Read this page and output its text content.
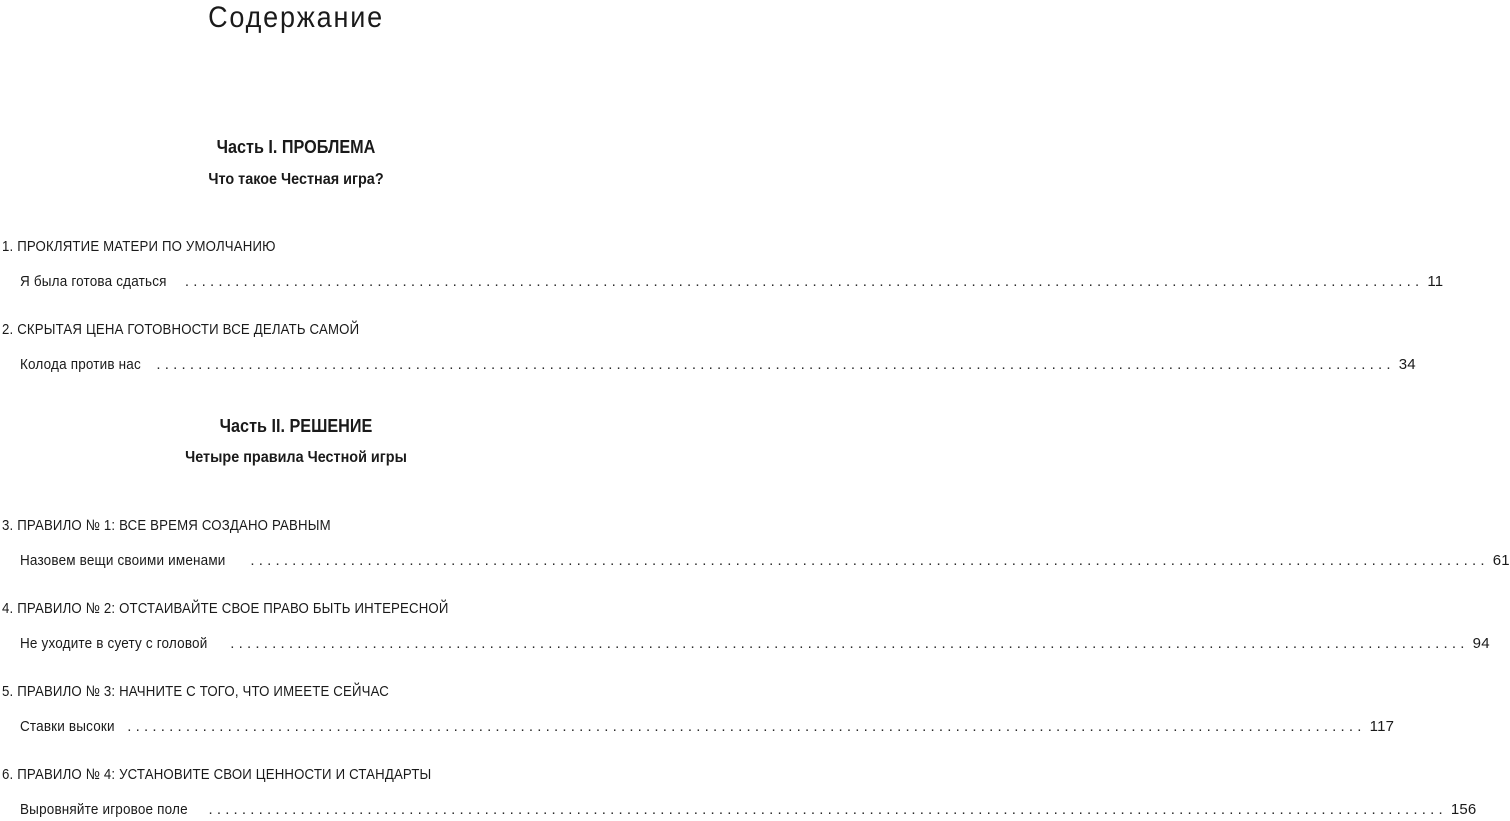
Содержание
Часть I. ПРОБЛЕМА
Что такое Честная игра?
1. ПРОКЛЯТИЕ МАТЕРИ ПО УМОЛЧАНИЮ
Я была готова сдаться .................................................................................................................................................... 11
2. СКРЫТАЯ ЦЕНА ГОТОВНОСТИ ВСЕ ДЕЛАТЬ САМОЙ
Колода против нас .................................................................................................................................................... 34
Часть II. РЕШЕНИЕ
Четыре правила Честной игры
3. ПРАВИЛО № 1: ВСЕ ВРЕМЯ СОЗДАНО РАВНЫМ
Назовем вещи своими именами .................................................................................................................................................... 61
4. ПРАВИЛО № 2: ОТСТАИВАЙТЕ СВОЕ ПРАВО БЫТЬ ИНТЕРЕСНОЙ
Не уходите в суету с головой .................................................................................................................................................... 94
5. ПРАВИЛО № 3: НАЧНИТЕ С ТОГО, ЧТО ИМЕЕТЕ СЕЙЧАС
Ставки высоки .................................................................................................................................................... 117
6. ПРАВИЛО № 4: УСТАНОВИТЕ СВОИ ЦЕННОСТИ И СТАНДАРТЫ
Выровняйте игровое поле .................................................................................................................................................... 156
